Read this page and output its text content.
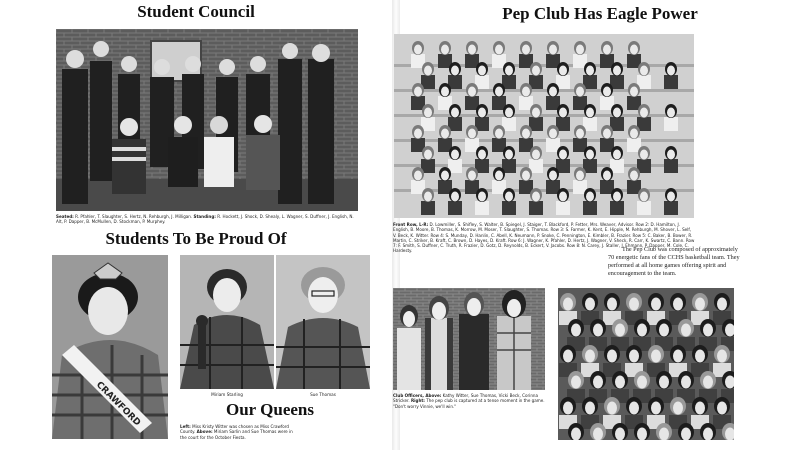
Student Council
Students To Be Proud Of
Our Queens
Pep Club Has Eagle Power
Seated: R. Pfahler, T. Slaughter, S. Hertz, N. Rehburgh, J. Milligan. Standing: R. Hockett, J. Shock, D. Shealy, L. Wagner, S. Duffner, J. English, N. Alt, P. Dapper, B. McMullen, D. Stockman, P. Murphey.
CRAWFORD	Miriam Starling	Sue Thomas
Left: Miss Kristy Witter was chosen as Miss Crawford County. Above: Miriam Sarlin and Sue Thomas were in the court for the October Fiesta.
Front Row, L-R: D. Lowmiller, S. Shifley, S. Walter, B. Spiegel, J. Staiger, T. Blackford, P. Fetter, Mrs. Weaver, Advisor. Row 2: D. Hamilton, J. English, B. Moore, B. Thomas, K. Morrow, M. Moser, T. Slaughter, S. Thomas. Row 3: S. Farmer, K. Kent, E. Hipple, M. Rehburgh, M. Shover, L. Self, V. Beck, K. Witter. Row 4: S. Munday, D. Hanlin, C. Abell, K. Neumann, P. Snoke, C. Pennington, E. Kimbler, B. Frazier. Row 5: C. Baker, B. Bower, R. Martin, C. Striker, B. Kraft, C. Brown, D. Hayes, D. Kraft. Row 6: J. Wagner, K. Pfahler, D. Hertz, J. Wagner, V. Sheck, R. Carr, K. Swartz, C. Bann. Row 7: F. Smith, S. Duffner, C. Truth, R. Frazier, D. Gotz, D. Reynolds, B. Eckert, V. Jacobs. Row 8: N. Carey, J. Staller, J. Ehmann, P. Dapper, M. Cole, C. Hardesty.	The Pep Club was composed of approximately 70 energetic fans of the CCHS basketball team. They performed at all home games offering spirit and encouragement to the team.
Club Officers, Above: Kathy Witter, Sue Thomas, Vicki Beck, Corinna Stricker. Right: The pep club is captured at a tense moment in the game. "Don't worry Vinnie, we'll win."
